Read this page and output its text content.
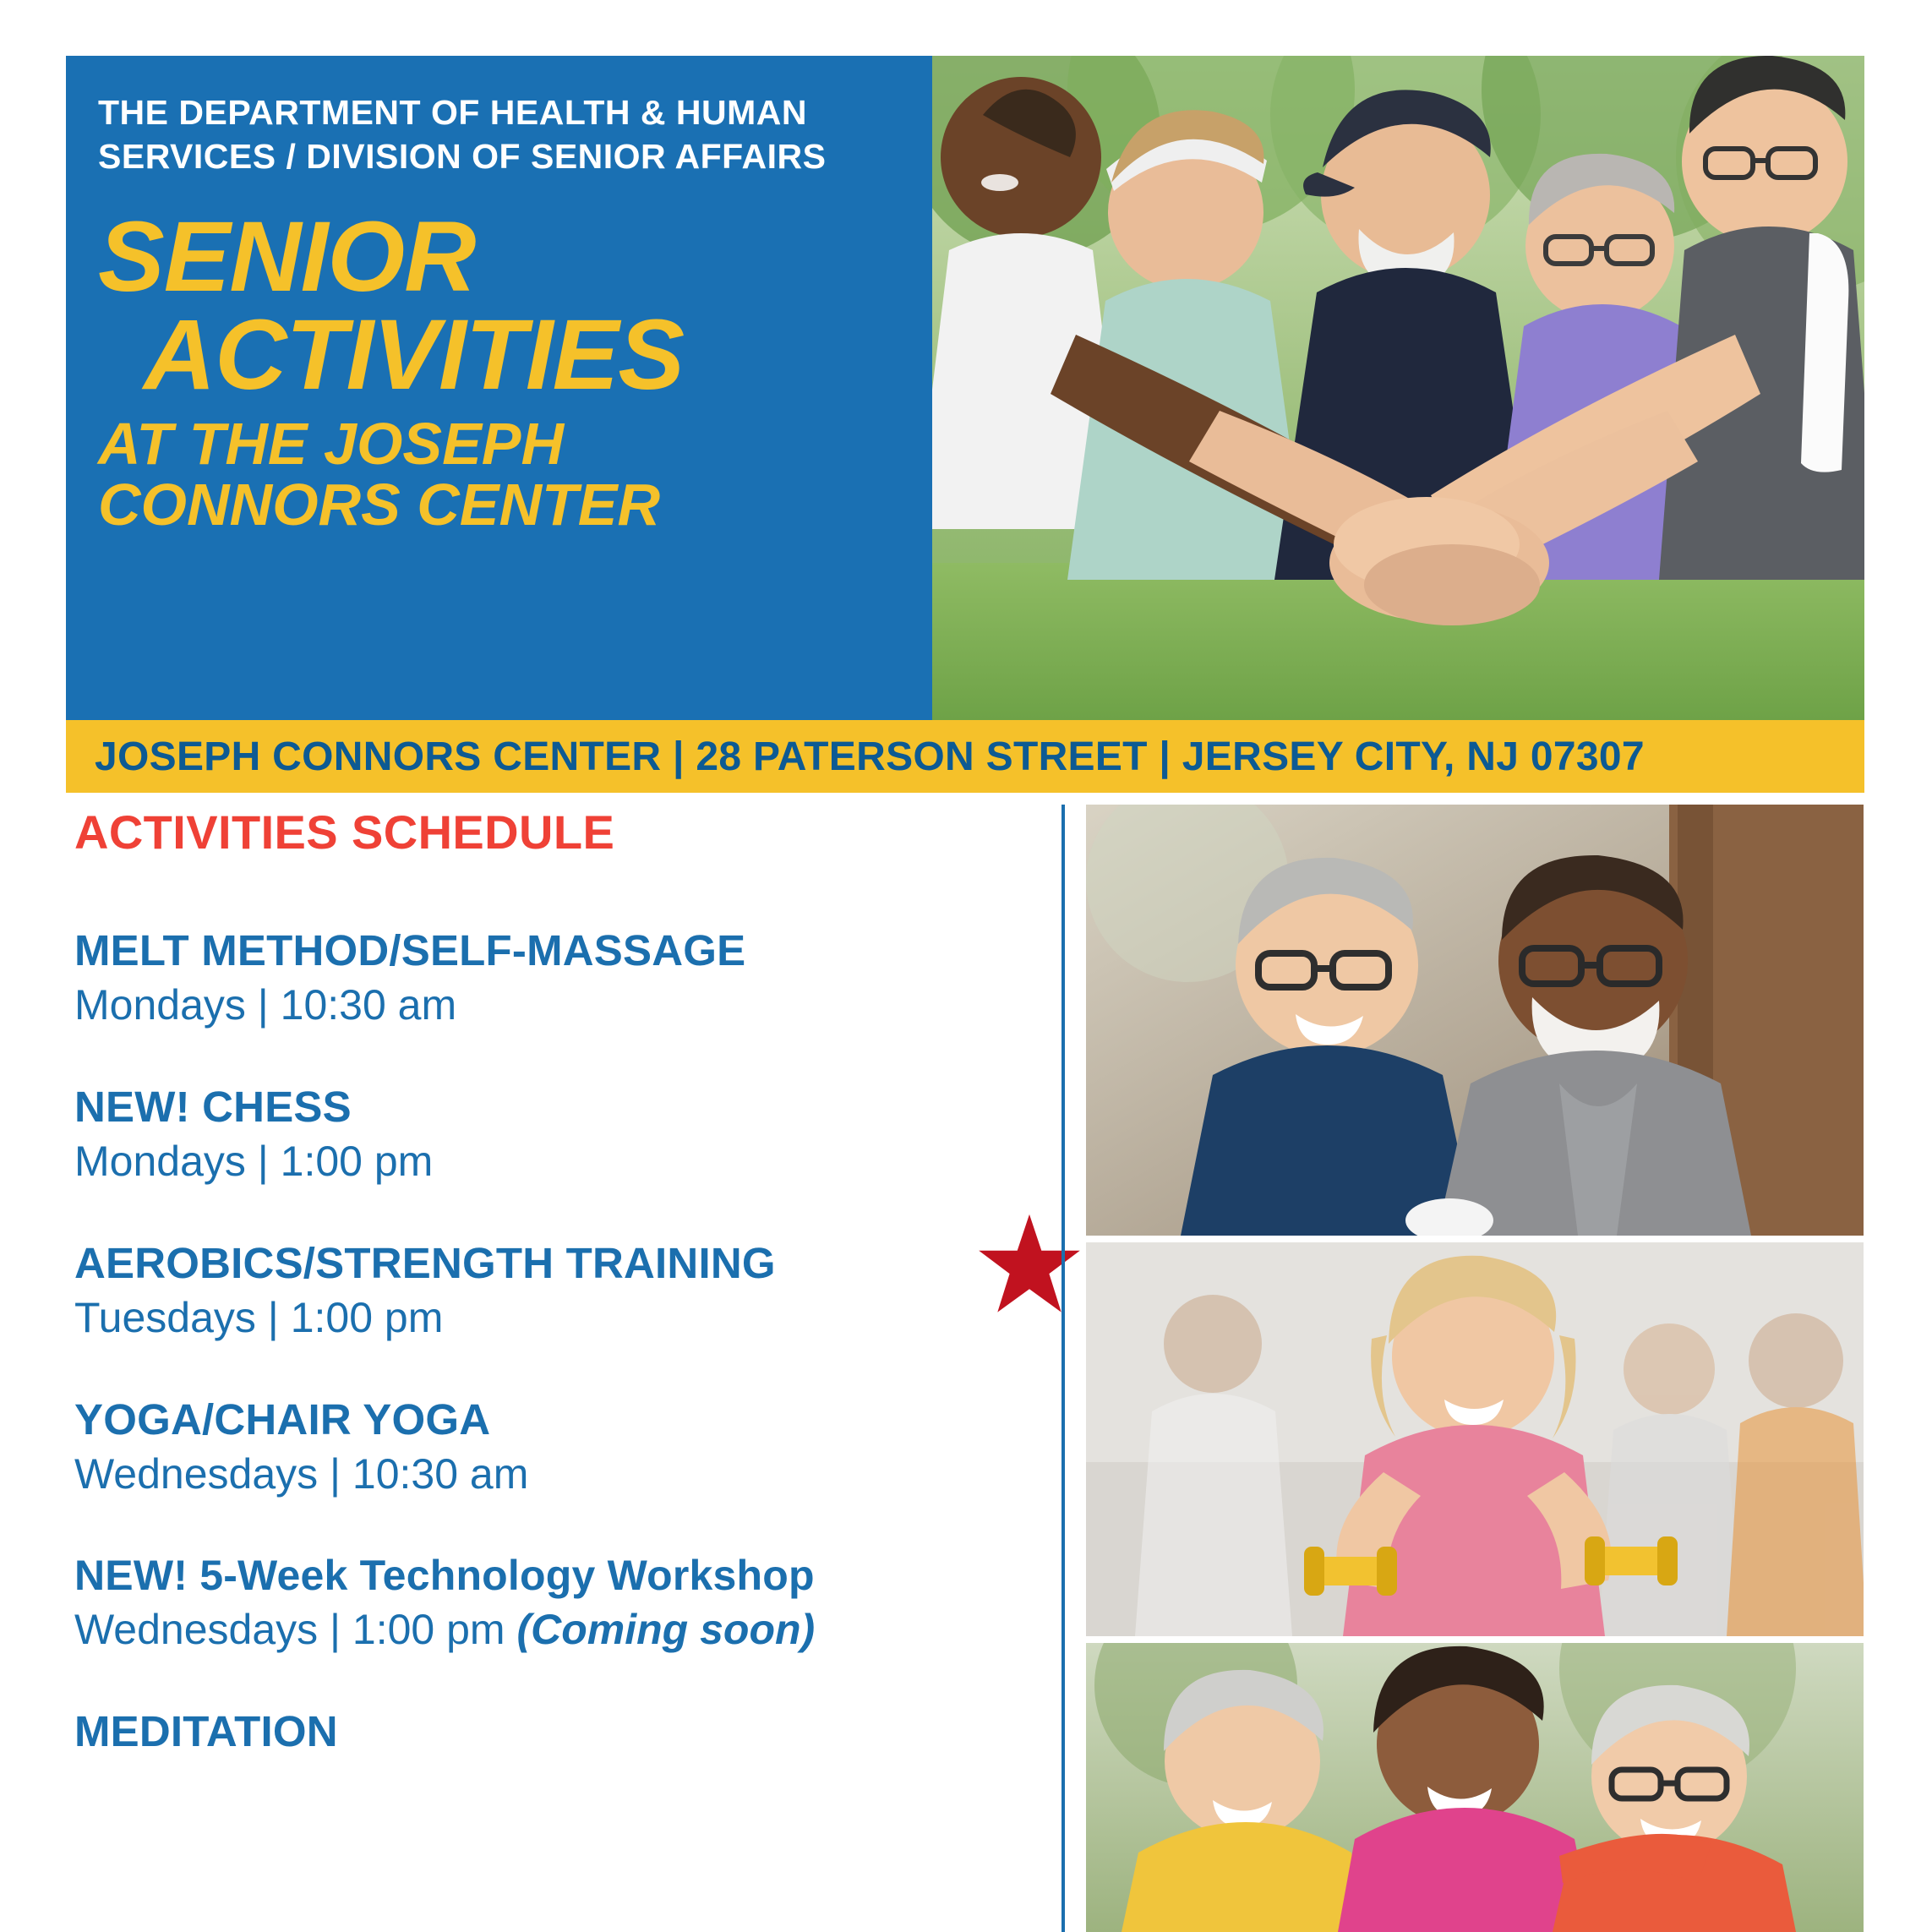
THE DEPARTMENT OF HEALTH & HUMAN SERVICES / DIVISION OF SENIOR AFFAIRS
SENIOR
ACTIVITIES
AT THE JOSEPH
CONNORS CENTER
JOSEPH CONNORS CENTER | 28 PATERSON STREET | JERSEY CITY, NJ 07307
ACTIVITIES SCHEDULE
MELT METHOD/SELF-MASSAGE
Mondays | 10:30 am
NEW! CHESS
Mondays | 1:00 pm
AEROBICS/STRENGTH TRAINING
Tuesdays | 1:00 pm
YOGA/CHAIR YOGA
Wednesdays | 10:30 am
NEW! 5-Week Technology Workshop
Wednesdays | 1:00 pm (Coming soon)
MEDITATION
